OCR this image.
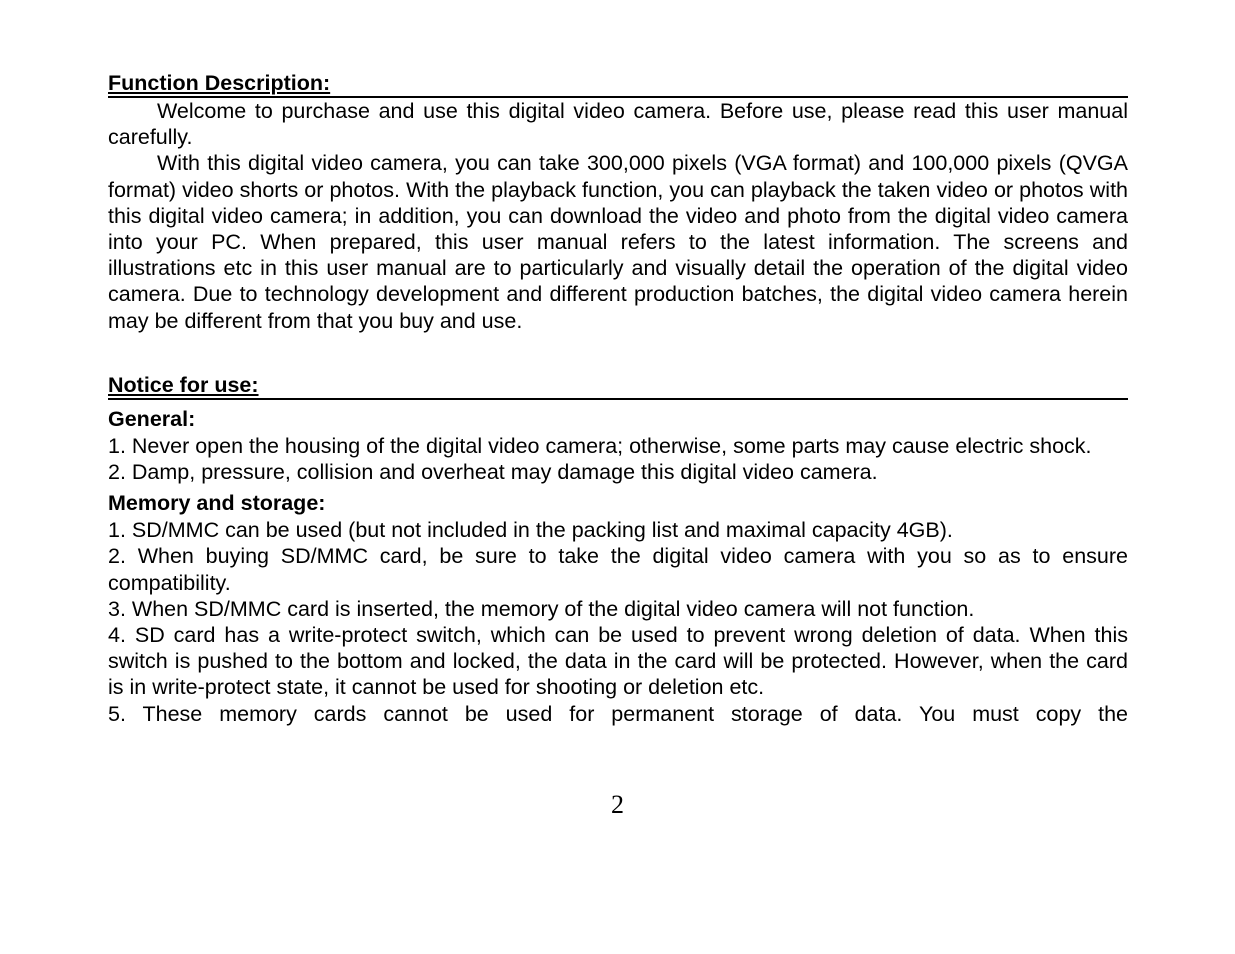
Function Description:

Welcome to purchase and use this digital video camera. Before use, please read this user manual carefully.

With this digital video camera, you can take 300,000 pixels (VGA format) and 100,000 pixels (QVGA format) video shorts or photos. With the playback function, you can playback the taken video or photos with this digital video camera; in addition, you can download the video and photo from the digital video camera into your PC. When prepared, this user manual refers to the latest information. The screens and illustrations etc in this user manual are to particularly and visually detail the operation of the digital video camera. Due to technology development and different production batches, the digital video camera herein may be different from that you buy and use.

Notice for use:
General:

1. Never open the housing of the digital video camera; otherwise, some parts may cause electric shock.

2. Damp, pressure, collision and overheat may damage this digital video camera.

Memory and storage:

1. SD/MMC can be used (but not included in the packing list and maximal capacity 4GB).

2. When buying SD/MMC card, be sure to take the digital video camera with you so as to ensure compatibility.

3. When SD/MMC card is inserted, the memory of the digital video camera will not function.

4. SD card has a write-protect switch, which can be used to prevent wrong deletion of data. When this switch is pushed to the bottom and locked, the data in the card will be protected. However, when the card is in write-protect state, it cannot be used for shooting or deletion etc.

5. These memory cards cannot be used for permanent storage of data. You must copy the

2
